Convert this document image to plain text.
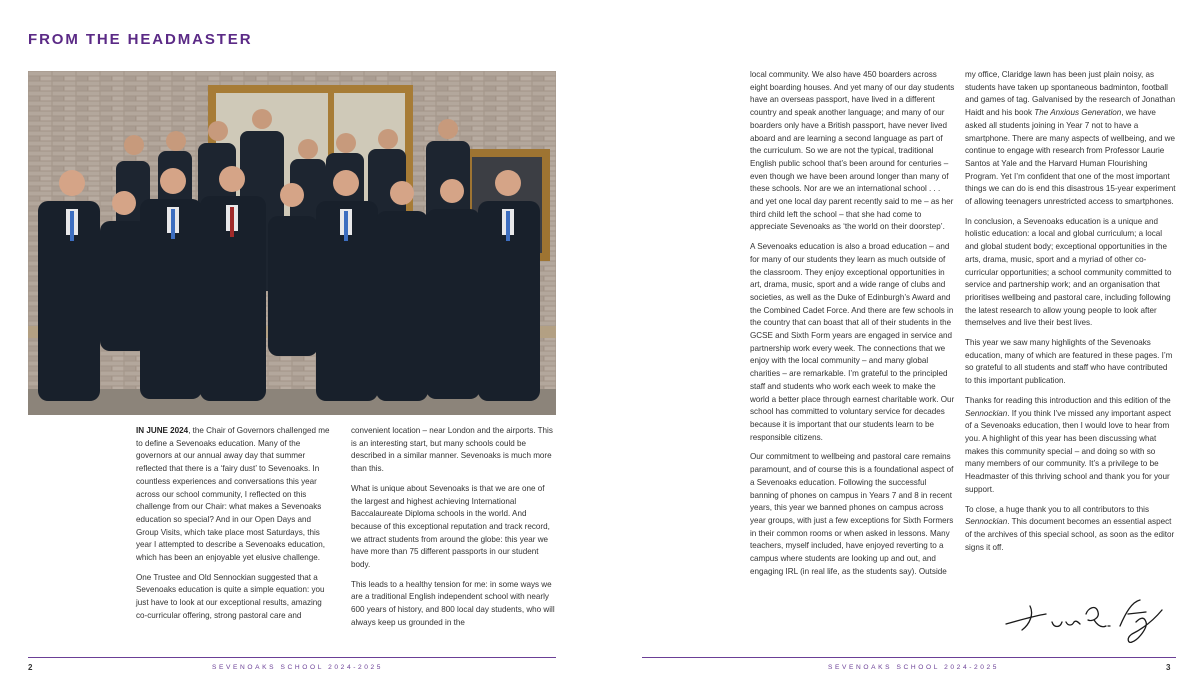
FROM THE HEADMASTER

IN JUNE 2024, the Chair of Governors challenged me to define a Sevenoaks education. Many of the governors at our annual away day that summer reflected that there is a ‘fairy dust’ to Sevenoaks. In countless experiences and conversations this year across our school community, I reflected on this challenge from our Chair: what makes a Sevenoaks education so special? And in our Open Days and Group Visits, which take place most Saturdays, this year I attempted to describe a Sevenoaks education, which has been an enjoyable yet elusive challenge.

One Trustee and Old Sennockian suggested that a Sevenoaks education is quite a simple equation: you just have to look at our exceptional results, amazing co-curricular offering, strong pastoral care and

convenient location – near London and the airports. This is an interesting start, but many schools could be described in a similar manner. Sevenoaks is much more than this.

What is unique about Sevenoaks is that we are one of the largest and highest achieving International Baccalaureate Diploma schools in the world. And because of this exceptional reputation and track record, we attract students from around the globe: this year we have more than 75 different passports in our student body.

This leads to a healthy tension for me: in some ways we are a traditional English independent school with nearly 600 years of history, and 800 local day students, who will always keep us grounded in the

local community. We also have 450 boarders across eight boarding houses. And yet many of our day students have an overseas passport, have lived in a different country and speak another language; and many of our boarders only have a British passport, have never lived aboard and are learning a second language as part of the curriculum. So we are not the typical, traditional English public school that’s been around for centuries – even though we have been around longer than many of these schools. Nor are we an international school . . . and yet one local day parent recently said to me – as her third child left the school – that she had come to appreciate Sevenoaks as ‘the world on their doorstep’.

A Sevenoaks education is also a broad education – and for many of our students they learn as much outside of the classroom. They enjoy exceptional opportunities in art, drama, music, sport and a wide range of clubs and societies, as well as the Duke of Edinburgh’s Award and the Combined Cadet Force. And there are few schools in the country that can boast that all of their students in the GCSE and Sixth Form years are engaged in service and partnership work every week. The connections that we enjoy with the local community – and many global charities – are remarkable. I’m grateful to the principled staff and students who work each week to make the world a better place through earnest charitable work. Our school has committed to voluntary service for decades because it is important that our students learn to be responsible citizens.

Our commitment to wellbeing and pastoral care remains paramount, and of course this is a foundational aspect of a Sevenoaks education. Following the successful banning of phones on campus in Years 7 and 8 in recent years, this year we banned phones on campus across year groups, with just a few exceptions for Sixth Formers in their common rooms or when asked in lessons. Many teachers, myself included, have enjoyed reverting to a campus where students are looking up and out, and engaging IRL (in real life, as the students say). Outside

my office, Claridge lawn has been just plain noisy, as students have taken up spontaneous badminton, football and games of tag. Galvanised by the research of Jonathan Haidt and his book The Anxious Generation, we have asked all students joining in Year 7 not to have a smartphone. There are many aspects of wellbeing, and we continue to engage with research from Professor Laurie Santos at Yale and the Harvard Human Flourishing Program. Yet I’m confident that one of the most important things we can do is end this disastrous 15-year experiment of allowing teenagers unrestricted access to smartphones.

In conclusion, a Sevenoaks education is a unique and holistic education: a local and global curriculum; a local and global student body; exceptional opportunities in the arts, drama, music, sport and a myriad of other co-curricular opportunities; a school community committed to service and partnership work; and an organisation that prioritises wellbeing and pastoral care, including following the latest research to allow young people to look after themselves and live their best lives.

This year we saw many highlights of the Sevenoaks education, many of which are featured in these pages. I’m so grateful to all students and staff who have contributed to this important publication.

Thanks for reading this introduction and this edition of the Sennockian. If you think I’ve missed any important aspect of a Sevenoaks education, then I would love to hear from you. A highlight of this year has been discussing what makes this community special – and doing so with so many members of our community. It’s a privilege to be Headmaster of this thriving school and thank you for your support.

To close, a huge thank you to all contributors to this Sennockian. This document becomes an essential aspect of the archives of this special school, as soon as the editor signs it off.

2	SEVENOAKS SCHOOL 2024-2025	SEVENOAKS SCHOOL 2024-2025	3
